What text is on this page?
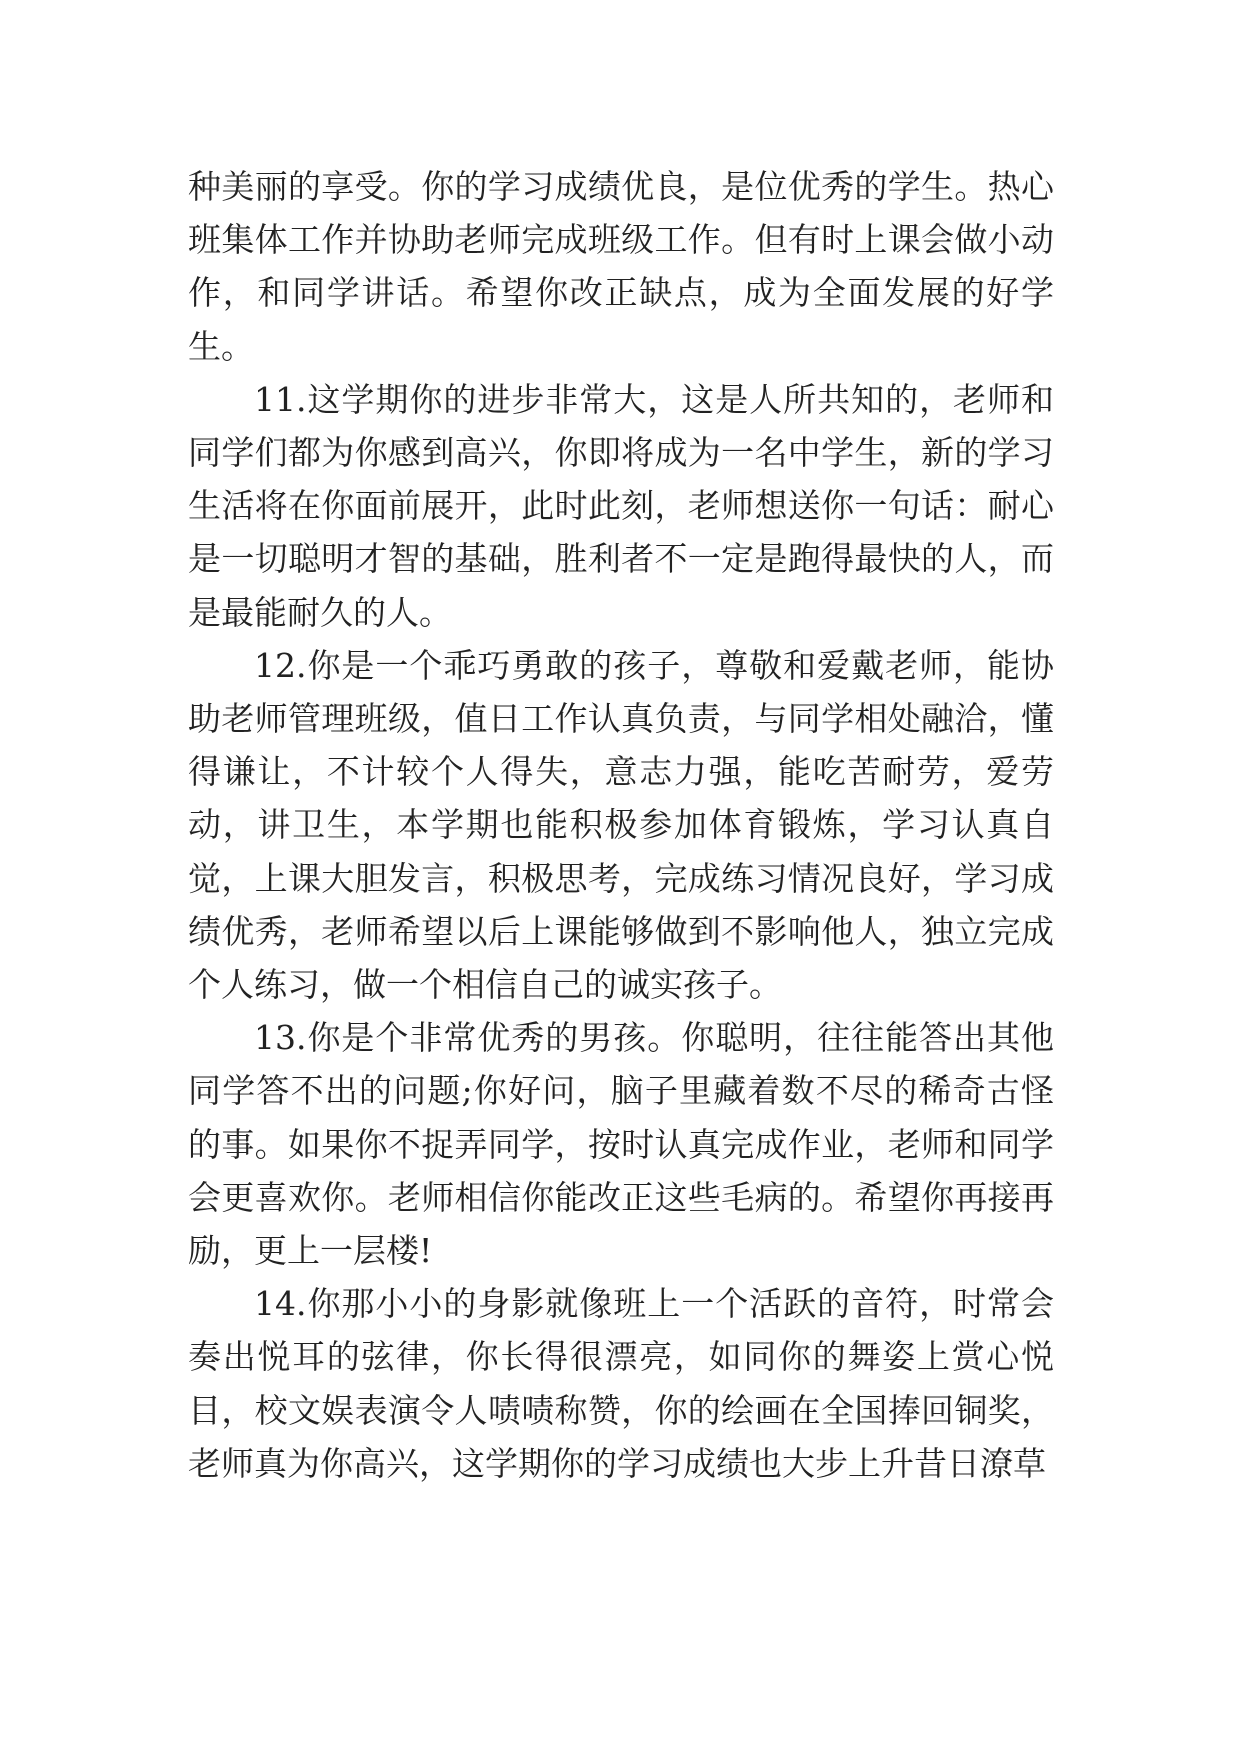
种美丽的享受。你的学习成绩优良，是位优秀的学生。热心班集体工作并协助老师完成班级工作。但有时上课会做小动作，和同学讲话。希望你改正缺点，成为全面发展的好学生。

11.这学期你的进步非常大，这是人所共知的，老师和同学们都为你感到高兴，你即将成为一名中学生，新的学习生活将在你面前展开，此时此刻，老师想送你一句话：耐心是一切聪明才智的基础，胜利者不一定是跑得最快的人，而是最能耐久的人。

12.你是一个乖巧勇敢的孩子，尊敬和爱戴老师，能协助老师管理班级，值日工作认真负责，与同学相处融洽，懂得谦让，不计较个人得失，意志力强，能吃苦耐劳，爱劳动，讲卫生，本学期也能积极参加体育锻炼，学习认真自觉，上课大胆发言，积极思考，完成练习情况良好，学习成绩优秀，老师希望以后上课能够做到不影响他人，独立完成个人练习，做一个相信自己的诚实孩子。

13.你是个非常优秀的男孩。你聪明，往往能答出其他同学答不出的问题;你好问，脑子里藏着数不尽的稀奇古怪的事。如果你不捉弄同学，按时认真完成作业，老师和同学会更喜欢你。老师相信你能改正这些毛病的。希望你再接再励，更上一层楼!

14.你那小小的身影就像班上一个活跃的音符，时常会奏出悦耳的弦律，你长得很漂亮，如同你的舞姿上赏心悦目，校文娱表演令人啧啧称赞，你的绘画在全国捧回铜奖，老师真为你高兴，这学期你的学习成绩也大步上升昔日潦草
